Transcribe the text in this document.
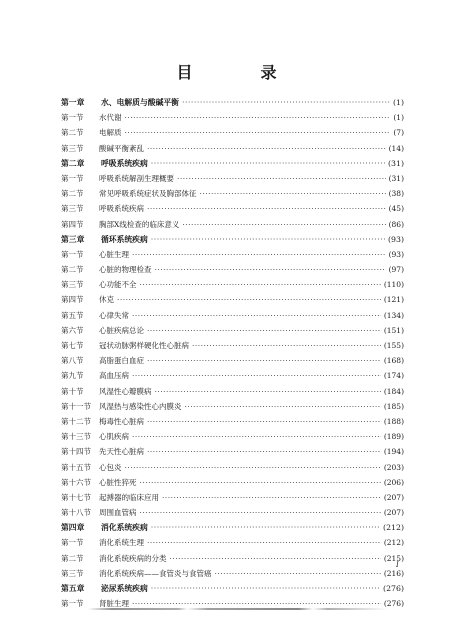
目　录
第一章	水、电解质与酸碱平衡 ·····	(1)
第一节	水代谢 ·····	(1)
第二节	电解质 ·····	(7)
第三节	酸碱平衡紊乱 ·····	(14)
第二章	呼吸系统疾病 ·····	(31)
第一节	呼吸系统解剖生理概要 ·····	(31)
第二节	常见呼吸系统症状及胸部体征 ·····	(38)
第三节	呼吸系统疾病 ·····	(45)
第四节	胸部X线检查的临床意义 ·····	(86)
第三章	循环系统疾病 ·····	(93)
第一节	心脏生理 ·····	(93)
第二节	心脏的物理检查 ·····	(97)
第三节	心功能不全 ·····	(110)
第四节	休克 ·····	(121)
第五节	心律失常 ·····	(134)
第六节	心脏疾病总论 ·····	(151)
第七节	冠状动脉粥样硬化性心脏病 ·····	(155)
第八节	高脂蛋白血症 ·····	(168)
第九节	高血压病 ·····	(174)
第十节	风湿性心瓣膜病 ·····	(184)
第十一节	风湿热与感染性心内膜炎 ·····	(185)
第十二节	梅毒性心脏病 ·····	(188)
第十三节	心肌疾病 ·····	(189)
第十四节	先天性心脏病 ·····	(194)
第十五节	心包炎 ·····	(203)
第十六节	心脏性猝死 ·····	(206)
第十七节	起搏器的临床应用 ·····	(207)
第十八节	周围血管病 ·····	(207)
第四章	消化系统疾病 ·····	(212)
第一节	消化系统生理 ·····	(212)
第二节	消化系统疾病的分类 ·····	(215)
第三节	消化系统疾病——食管炎与食管癌 ·····	(216)
第五章	泌尿系统疾病 ·····	(276)
第一节	肾脏生理 ·····	(276)
I
